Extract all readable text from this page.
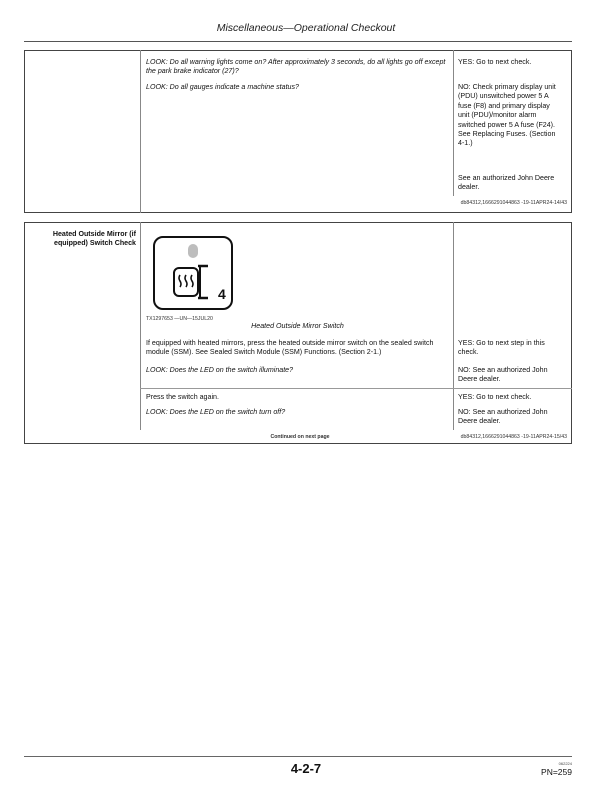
Miscellaneous—Operational Checkout
LOOK: Do all warning lights come on? After approximately 3 seconds, do all lights go off except the park brake indicator (27)?
LOOK: Do all gauges indicate a machine status?
YES: Go to next check.
NO: Check primary display unit (PDU) unswitched power 5 A fuse (F8) and primary display unit (PDU)/monitor alarm switched power 5 A fuse (F24). See Replacing Fuses. (Section 4-1.)
See an authorized John Deere dealer.
db84312,1666291044863 -19-11APR24-14/43
Heated Outside Mirror (if equipped) Switch Check
4
TX1297653 —UN—15JUL20
Heated Outside Mirror Switch
If equipped with heated mirrors, press the heated outside mirror switch on the sealed switch module (SSM). See Sealed Switch Module (SSM) Functions. (Section 2-1.)
LOOK: Does the LED on the switch illuminate?
YES: Go to next step in this check.
NO: See an authorized John Deere dealer.
Press the switch again.
LOOK: Does the LED on the switch turn off?
YES: Go to next check.
NO: See an authorized John Deere dealer.
Continued on next page	db84312,1666291044863 -19-11APR24-15/43
4-2-7	062224
PN=259
